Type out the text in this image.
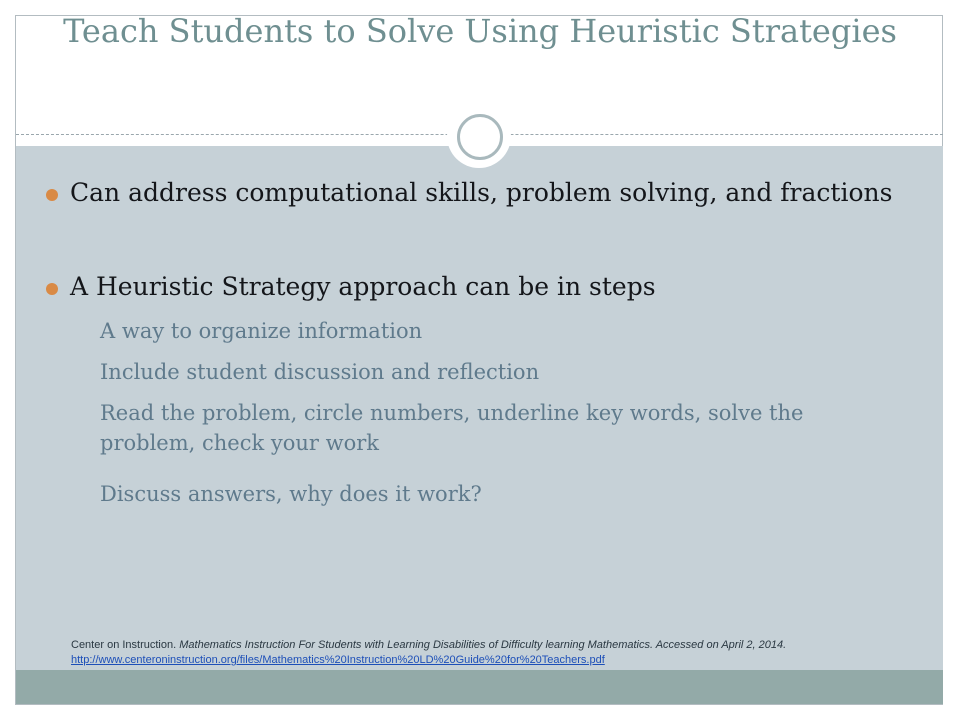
Teach Students to Solve Using Heuristic Strategies
Can address computational skills, problem solving, and fractions
A Heuristic Strategy approach can be in steps
A way to organize information
Include student discussion and reflection
Read the problem, circle numbers, underline key words, solve the problem, check your work
Discuss answers, why does it work?
Center on Instruction. Mathematics Instruction For Students with Learning Disabilities of Difficulty learning Mathematics. Accessed on April 2, 2014. http://www.centeroninstruction.org/files/Mathematics%20Instruction%20LD%20Guide%20for%20Teachers.pdf
